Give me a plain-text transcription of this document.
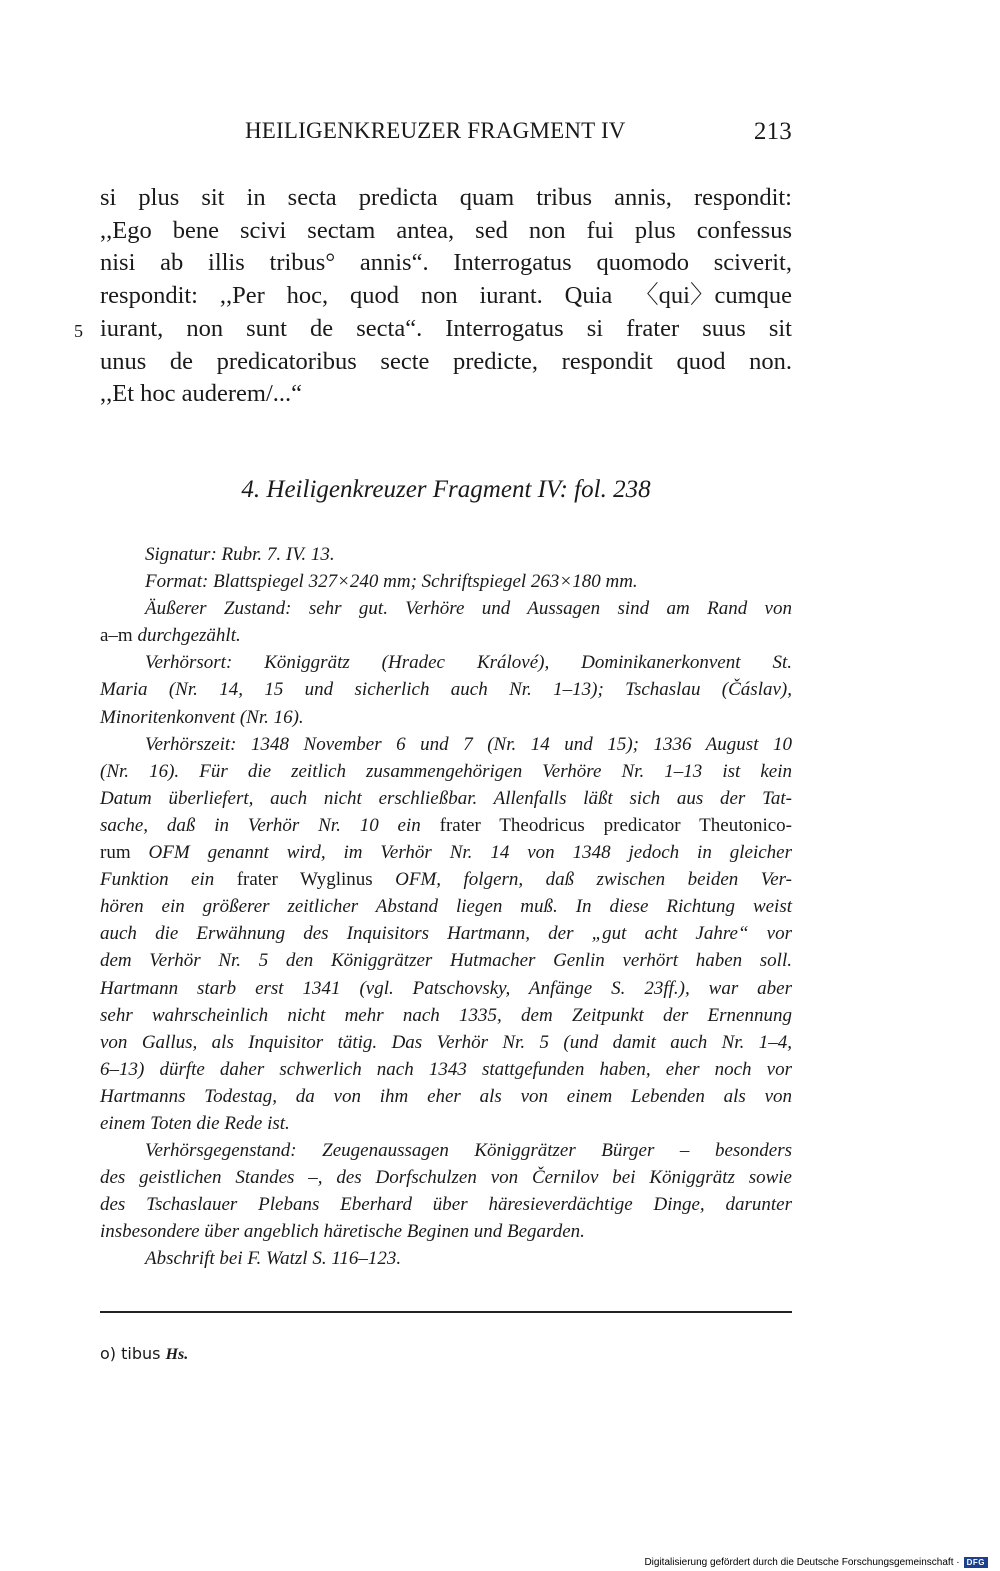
HEILIGENKREUZER FRAGMENT IV	213
si plus sit in secta predicta quam tribus annis, respondit:
,,Ego bene scivi sectam antea, sed non fui plus confessus
nisi ab illis tribus° annis“. Interrogatus quomodo sciverit,
respondit: ,,Per hoc, quod non iurant. Quia 〈qui〉cumque
5 iurant, non sunt de secta“. Interrogatus si frater suus sit
unus de predicatoribus secte predicte, respondit quod non.
,,Et hoc auderem/...“
4. Heiligenkreuzer Fragment IV: fol. 238
Signatur: Rubr. 7. IV. 13.
Format: Blattspiegel 327×240 mm; Schriftspiegel 263×180 mm.
Äußerer Zustand: sehr gut. Verhöre und Aussagen sind am Rand von
a–m durchgezählt.
Verhörsort: Königgrätz (Hradec Králové), Dominikanerkonvent St.
Maria (Nr. 14, 15 und sicherlich auch Nr. 1–13); Tschaslau (Čáslav),
Minoritenkonvent (Nr. 16).
Verhörszeit: 1348 November 6 und 7 (Nr. 14 und 15); 1336 August 10
(Nr. 16). Für die zeitlich zusammengehörigen Verhöre Nr. 1–13 ist kein
Datum überliefert, auch nicht erschließbar. Allenfalls läßt sich aus der Tat-
sache, daß in Verhör Nr. 10 ein frater Theodricus predicator Theutonico-
rum OFM genannt wird, im Verhör Nr. 14 von 1348 jedoch in gleicher
Funktion ein frater Wyglinus OFM, folgern, daß zwischen beiden Ver-
hören ein größerer zeitlicher Abstand liegen muß. In diese Richtung weist
auch die Erwähnung des Inquisitors Hartmann, der „gut acht Jahre“ vor
dem Verhör Nr. 5 den Königgrätzer Hutmacher Genlin verhört haben soll.
Hartmann starb erst 1341 (vgl. Patschovsky, Anfänge S. 23ff.), war aber
sehr wahrscheinlich nicht mehr nach 1335, dem Zeitpunkt der Ernennung
von Gallus, als Inquisitor tätig. Das Verhör Nr. 5 (und damit auch Nr. 1–4,
6–13) dürfte daher schwerlich nach 1343 stattgefunden haben, eher noch vor
Hartmanns Todestag, da von ihm eher als von einem Lebenden als von
einem Toten die Rede ist.
Verhörsgegenstand: Zeugenaussagen Königgrätzer Bürger – besonders
des geistlichen Standes –, des Dorfschulzen von Černilov bei Königgrätz sowie
des Tschaslauer Plebans Eberhard über häresieverdächtige Dinge, darunter
insbesondere über angeblich häretische Beginen und Begarden.
Abschrift bei F. Watzl S. 116–123.
o) tibus Hs.
Digitalisierung gefördert durch die Deutsche Forschungsgemeinschaft · DFG
